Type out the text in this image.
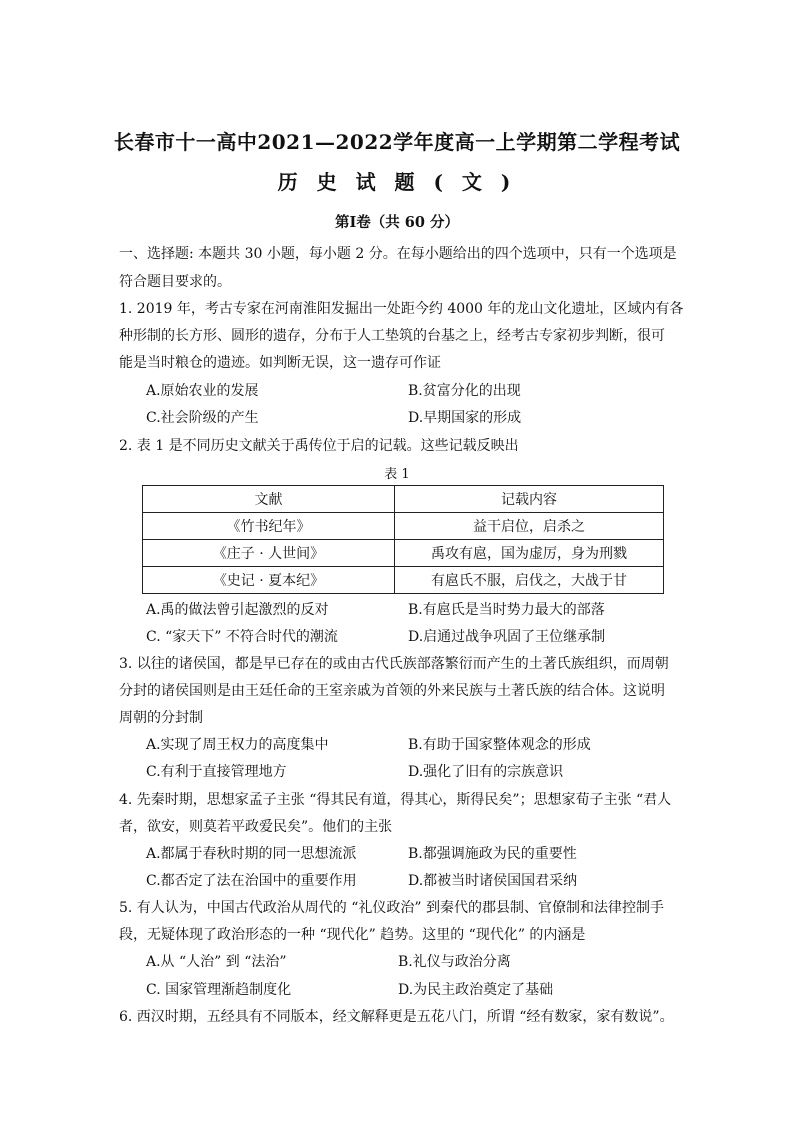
长春市十一高中2021—2022学年度高一上学期第二学程考试
历 史 试 题 ( 文 )
第Ⅰ卷（共 60 分）
一、选择题: 本题共 30 小题，每小题 2 分。在每小题给出的四个选项中，只有一个选项是
符合题目要求的。
1. 2019 年，考古专家在河南淮阳发掘出一处距今约 4000 年的龙山文化遗址，区域内有各
种形制的长方形、圆形的遗存，分布于人工垫筑的台基之上，经考古专家初步判断，很可
能是当时粮仓的遗迹。如判断无误，这一遗存可作证
A.原始农业的发展	B.贫富分化的出现
C.社会阶级的产生	D.早期国家的形成
2. 表 1 是不同历史文献关于禹传位于启的记载。这些记载反映出
表 1
文献	记载内容
《竹书纪年》	益干启位，启杀之
《庄子 · 人世间》	禹攻有扈，国为虚厉，身为刑戮
《史记 · 夏本纪》	有扈氏不服，启伐之，大战于甘
A.禹的做法曾引起激烈的反对	B.有扈氏是当时势力最大的部落
C. “家天下” 不符合时代的潮流	D.启通过战争巩固了王位继承制
3. 以往的诸侯国，都是早已存在的或由古代氏族部落繁衍而产生的土著氏族组织，而周朝
分封的诸侯国则是由王廷任命的王室亲戚为首领的外来民族与土著氏族的结合体。这说明
周朝的分封制
A.实现了周王权力的高度集中	B.有助于国家整体观念的形成
C.有利于直接管理地方	D.强化了旧有的宗族意识
4. 先秦时期，思想家孟子主张 “得其民有道，得其心，斯得民矣”；思想家荀子主张 “君人
者，欲安，则莫若平政爱民矣”。他们的主张
A.都属于春秋时期的同一思想流派	B.都强调施政为民的重要性
C.都否定了法在治国中的重要作用	D.都被当时诸侯国国君采纳
5. 有人认为，中国古代政治从周代的 “礼仪政治” 到秦代的郡县制、官僚制和法律控制手
段，无疑体现了政治形态的一种 “现代化” 趋势。这里的 “现代化” 的内涵是
A.从 “人治” 到 “法治”	B.礼仪与政治分离
C. 国家管理渐趋制度化	D.为民主政治奠定了基础
6. 西汉时期，五经具有不同版本，经文解释更是五花八门，所谓 “经有数家，家有数说”。
